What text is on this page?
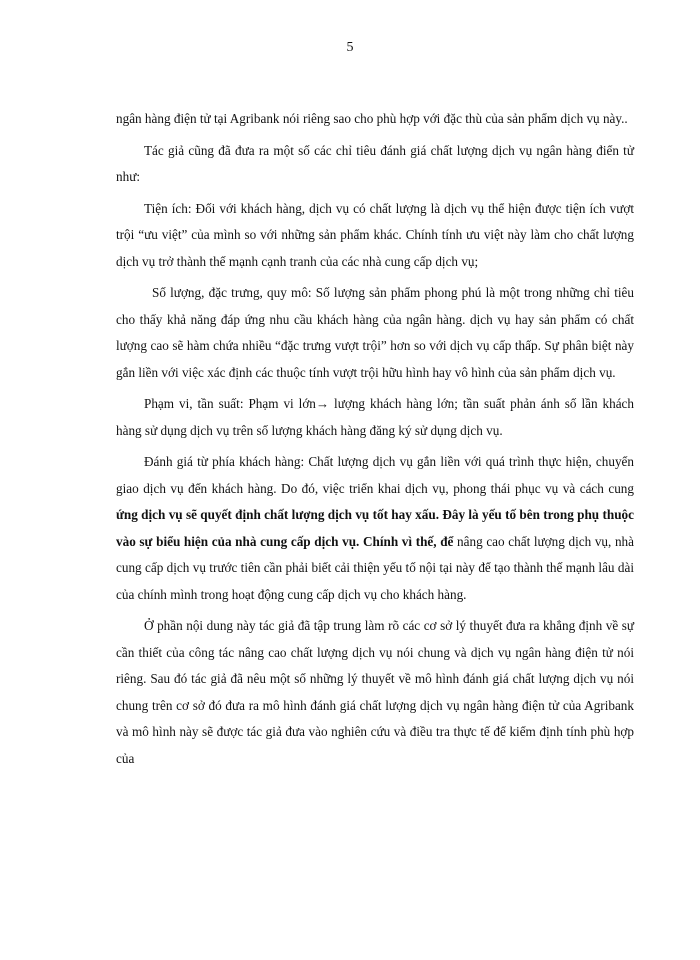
5

ngân hàng điện tử tại Agribank nói riêng sao cho phù hợp với đặc thù của sản phẩm dịch vụ này..

Tác giả cũng đã đưa ra một số các chỉ tiêu đánh giá chất lượng dịch vụ ngân hàng điển tử như:

Tiện ích: Đối với khách hàng, dịch vụ có chất lượng là dịch vụ thể hiện được tiện ích vượt trội “ưu việt” của mình so với những sản phẩm khác. Chính tính ưu việt này làm cho chất lượng dịch vụ trở thành thế mạnh cạnh tranh của các nhà cung cấp dịch vụ;

Số lượng, đặc trưng, quy mô: Số lượng sản phẩm phong phú là một trong những chỉ tiêu cho thấy khả năng đáp ứng nhu cầu khách hàng của ngân hàng. dịch vụ hay sản phẩm có chất lượng cao sẽ hàm chứa nhiều “đặc trưng vượt trội” hơn so với dịch vụ cấp thấp. Sự phân biệt này gắn liền với việc xác định các thuộc tính vượt trội hữu hình hay vô hình của sản phẩm dịch vụ.

Phạm vi, tần suất: Phạm vi lớn→ lượng khách hàng lớn; tần suất phản ánh số lần khách hàng sử dụng dịch vụ trên số lượng khách hàng đăng ký sử dụng dịch vụ.

Đánh giá từ phía khách hàng: Chất lượng dịch vụ gắn liền với quá trình thực hiện, chuyển giao dịch vụ đến khách hàng. Do đó, việc triển khai dịch vụ, phong thái phục vụ và cách cung ứng dịch vụ sẽ quyết định chất lượng dịch vụ tốt hay xấu. Đây là yếu tố bên trong phụ thuộc vào sự biểu hiện của nhà cung cấp dịch vụ. Chính vì thế, để nâng cao chất lượng dịch vụ, nhà cung cấp dịch vụ trước tiên cần phải biết cải thiện yếu tố nội tại này để tạo thành thế mạnh lâu dài của chính mình trong hoạt động cung cấp dịch vụ cho khách hàng.

Ở phần nội dung này tác giả đã tập trung làm rõ các cơ sở lý thuyết đưa ra khẳng định về sự cần thiết của công tác nâng cao chất lượng dịch vụ nói chung và dịch vụ ngân hàng điện tử nói riêng. Sau đó tác giả đã nêu một số những lý thuyết về mô hình đánh giá chất lượng dịch vụ nói chung trên cơ sở đó đưa ra mô hình đánh giá chất lượng dịch vụ ngân hàng điện tử của Agribank và mô hình này sẽ được tác giả đưa vào nghiên cứu và điều tra thực tế để kiểm định tính phù hợp của
